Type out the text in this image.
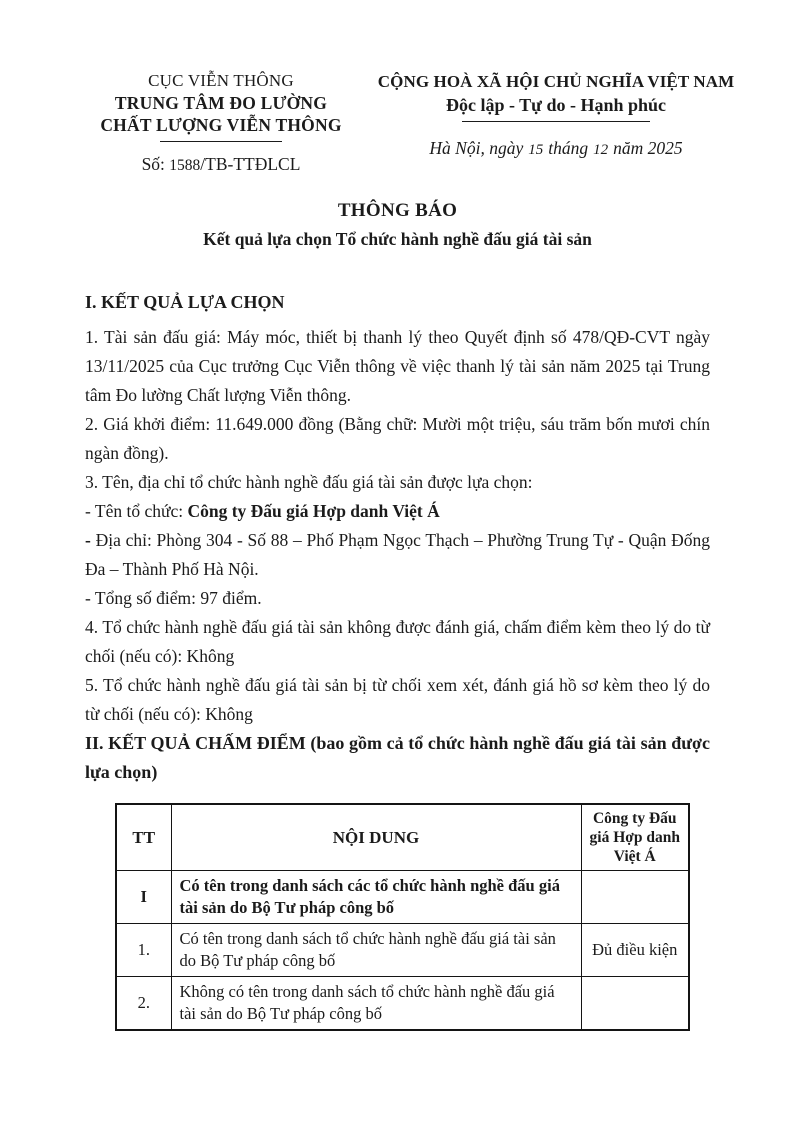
CỤC VIỄN THÔNG
TRUNG TÂM ĐO LƯỜNG
CHẤT LƯỢNG VIỄN THÔNG
Số: 1588/TB-TTĐLCL
CỘNG HOÀ XÃ HỘI CHỦ NGHĨA VIỆT NAM
Độc lập - Tự do - Hạnh phúc
Hà Nội, ngày 15 tháng 12 năm 2025
THÔNG BÁO
Kết quả lựa chọn Tổ chức hành nghề đấu giá tài sản
I. KẾT QUẢ LỰA CHỌN

1. Tài sản đấu giá: Máy móc, thiết bị thanh lý theo Quyết định số 478/QĐ-CVT ngày 13/11/2025 của Cục trưởng Cục Viễn thông về việc thanh lý tài sản năm 2025 tại Trung tâm Đo lường Chất lượng Viễn thông.

2. Giá khởi điểm: 11.649.000 đồng (Bằng chữ: Mười một triệu, sáu trăm bốn mươi chín ngàn đồng).

3. Tên, địa chỉ tổ chức hành nghề đấu giá tài sản được lựa chọn:

- Tên tổ chức: Công ty Đấu giá Hợp danh Việt Á

- Địa chỉ: Phòng 304 - Số 88 – Phố Phạm Ngọc Thạch – Phường Trung Tự - Quận Đống Đa – Thành Phố Hà Nội.

- Tổng số điểm: 97 điểm.

4. Tổ chức hành nghề đấu giá tài sản không được đánh giá, chấm điểm kèm theo lý do từ chối (nếu có): Không

5. Tổ chức hành nghề đấu giá tài sản bị từ chối xem xét, đánh giá hồ sơ kèm theo lý do từ chối (nếu có): Không

II. KẾT QUẢ CHẤM ĐIỂM (bao gồm cả tổ chức hành nghề đấu giá tài sản được lựa chọn)
TT	NỘI DUNG	Công ty Đấu giá Hợp danh Việt Á
I	Có tên trong danh sách các tổ chức hành nghề đấu giá tài sản do Bộ Tư pháp công bố	
1.	Có tên trong danh sách tổ chức hành nghề đấu giá tài sản do Bộ Tư pháp công bố	Đủ điều kiện
2.	Không có tên trong danh sách tổ chức hành nghề đấu giá tài sản do Bộ Tư pháp công bố	
